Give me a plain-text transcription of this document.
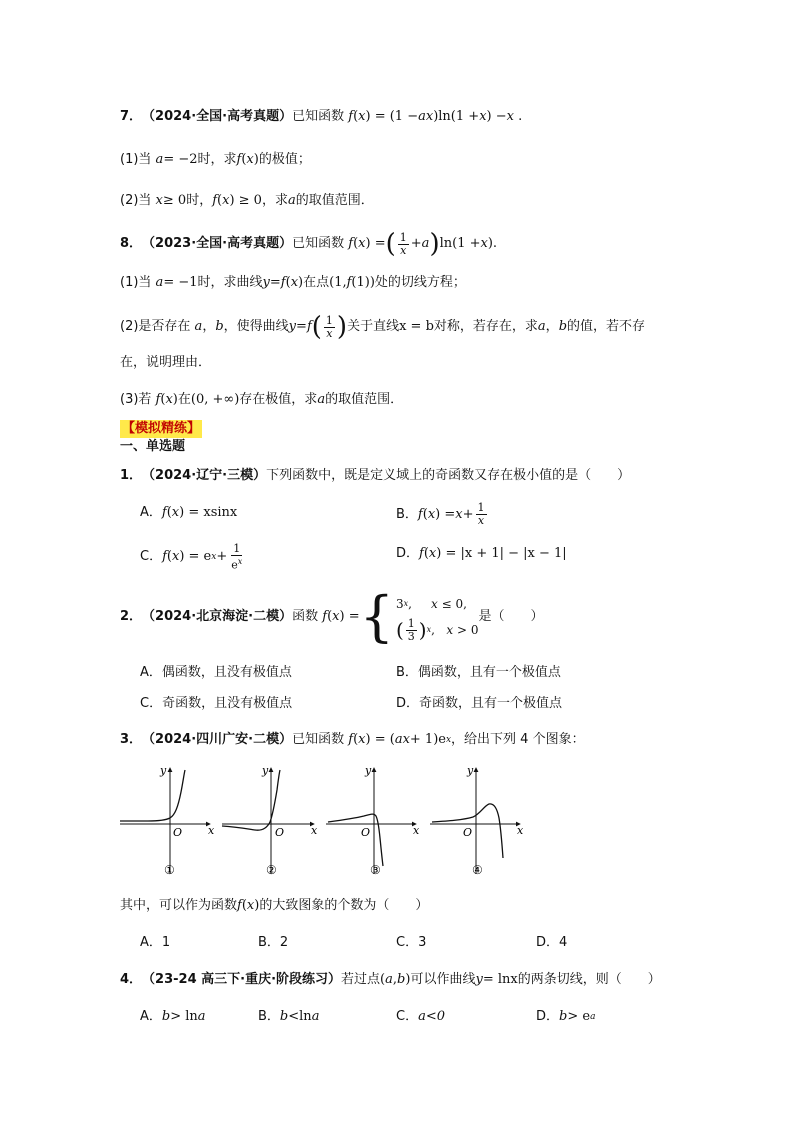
7． （2024·全国·高考真题） 已知函数 f ( x ) = (1 − ax )ln(1 + x ) − x .
(1)当 a = −2 时，求 f ( x ) 的极值；
(2)当 x ≥ 0 时， f ( x ) ≥ 0 ，求 a 的取值范围．
8． （2023·全国·高考真题） 已知函数 f ( x ) = ( $\frac{1}{x} + a$ ) ln(1 + x ).
(1)当 a = −1 时，求曲线 y = f ( x ) 在点 (1, f (1)) 处的切线方程；
(2)是否存在 a ， b ，使得曲线 y = f ( $\frac{1}{x}$ ) 关于直线 x = b 对称，若存在，求 a ， b 的值，若不存
在，说明理由．
(3)若 f ( x ) 在 (0, +∞) 存在极值，求 a 的取值范围．
【模拟精练】
一、单选题
1． （2024·辽宁·三模） 下列函数中，既是定义域上的奇函数又存在极小值的是（　　）
A． f ( x ) = x sinx	B． f ( x ) = $x + \frac{1}{x}$
C． f ( x ) = e $x + \frac{1}{e^x}$	D． f ( x ) = |x + 1| − |x − 1|
2． （2024·北京海淀·二模） 函数 f ( x ) = { 3 x , x ≤ 0,
( $\frac{1}{3}$ ) x , x > 0
是（　　）
A．偶函数，且没有极值点	B．偶函数，且有一个极值点
C．奇函数，且没有极值点	D．奇函数，且有一个极值点
3． （2024·四川广安·二模） 已知函数 f ( x ) = ( ax + 1)e x ，给出下列 4 个图象：
y
x
O
①
y
x
O
②
y
x
O
③
y
x
O
④
其中，可以作为函数 f ( x ) 的大致图象的个数为（　　）
A．1	B．2	C．3	D．4
4． （23-24 高三下·重庆·阶段练习） 若过点 ( a , b ) 可以作曲线 y = lnx 的两条切线，则（　　）
A． b > ln a	B． b <ln a	C． a < 0	D． b > e a
